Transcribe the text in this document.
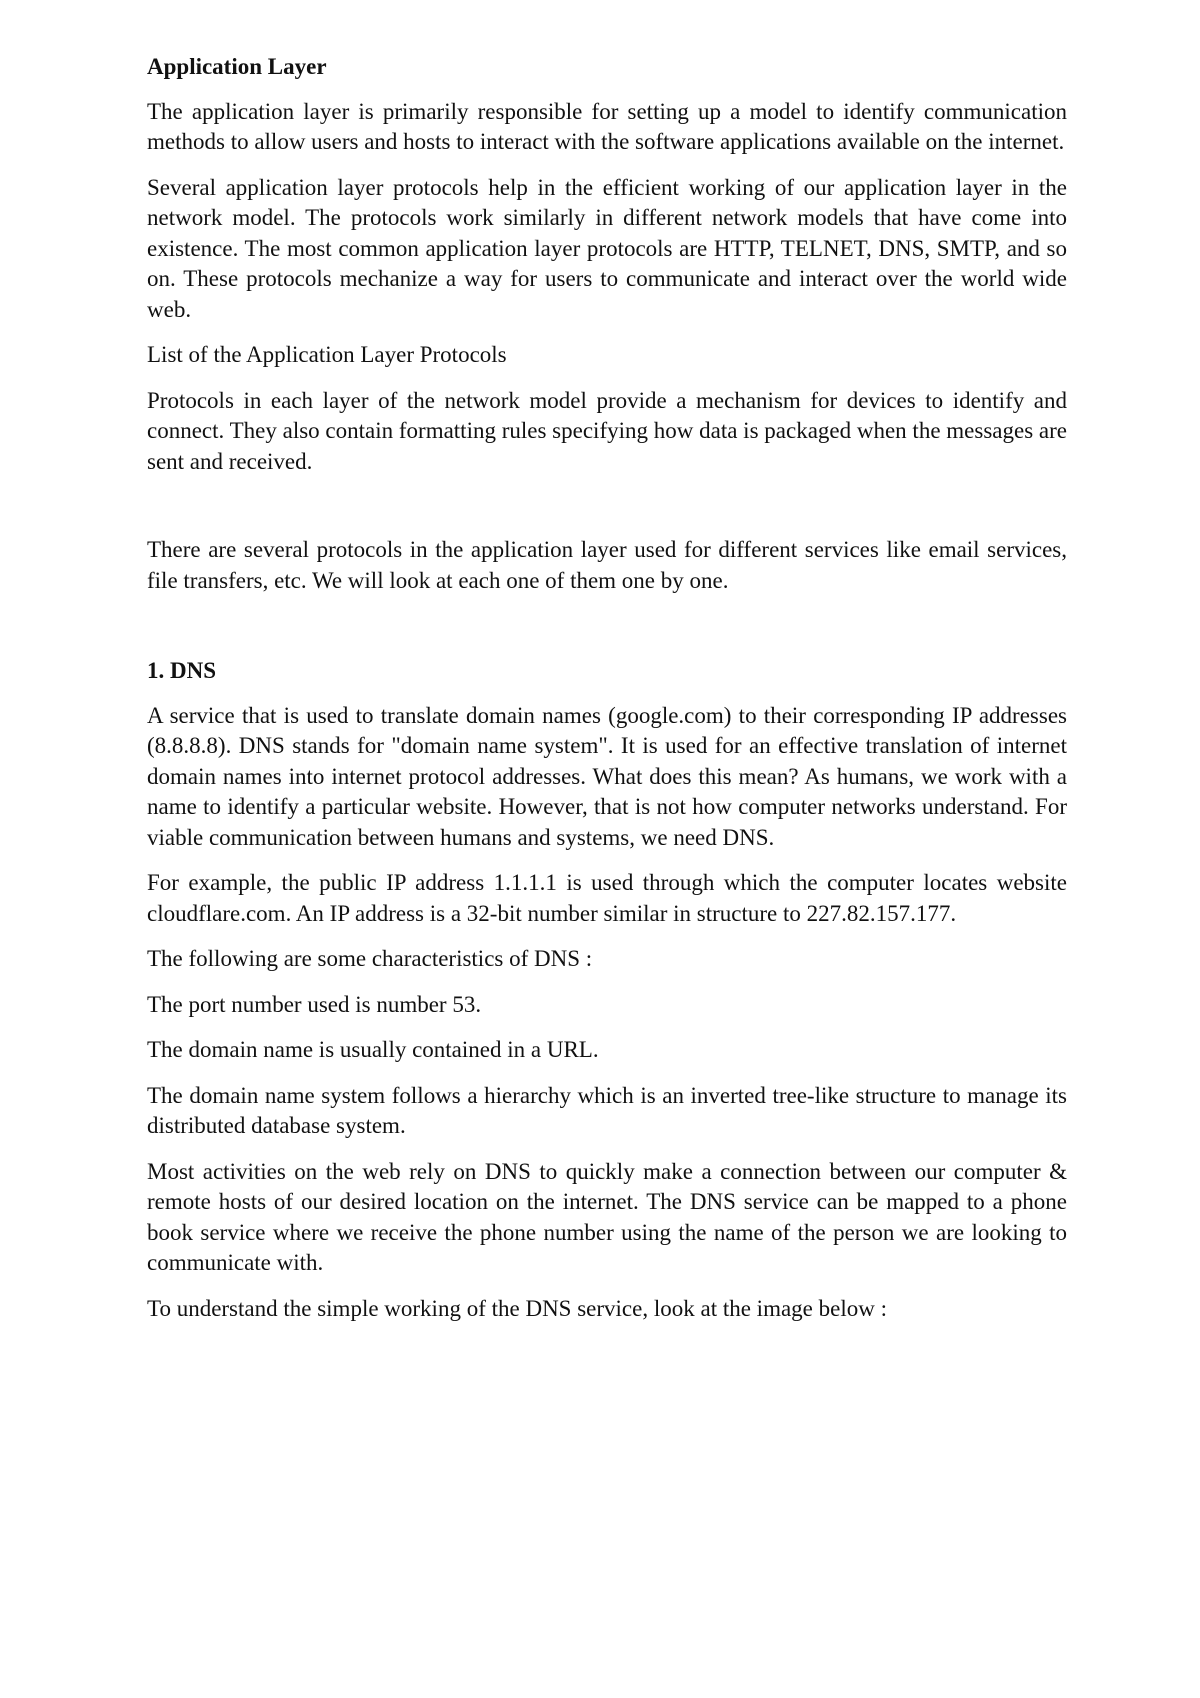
Application Layer
The application layer is primarily responsible for setting up a model to identify communication methods to allow users and hosts to interact with the software applications available on the internet.
Several application layer protocols help in the efficient working of our application layer in the network model. The protocols work similarly in different network models that have come into existence. The most common application layer protocols are HTTP, TELNET, DNS, SMTP, and so on. These protocols mechanize a way for users to communicate and interact over the world wide web.
List of the Application Layer Protocols
Protocols in each layer of the network model provide a mechanism for devices to identify and connect. They also contain formatting rules specifying how data is packaged when the messages are sent and received.
There are several protocols in the application layer used for different services like email services, file transfers, etc. We will look at each one of them one by one.
1. DNS
A service that is used to translate domain names (google.com) to their corresponding IP addresses (8.8.8.8). DNS stands for "domain name system". It is used for an effective translation of internet domain names into internet protocol addresses. What does this mean? As humans, we work with a name to identify a particular website. However, that is not how computer networks understand. For viable communication between humans and systems, we need DNS.
For example, the public IP address 1.1.1.1 is used through which the computer locates website cloudflare.com. An IP address is a 32-bit number similar in structure to 227.82.157.177.
The following are some characteristics of DNS :
The port number used is number 53.
The domain name is usually contained in a URL.
The domain name system follows a hierarchy which is an inverted tree-like structure to manage its distributed database system.
Most activities on the web rely on DNS to quickly make a connection between our computer & remote hosts of our desired location on the internet. The DNS service can be mapped to a phone book service where we receive the phone number using the name of the person we are looking to communicate with.
To understand the simple working of the DNS service, look at the image below :
